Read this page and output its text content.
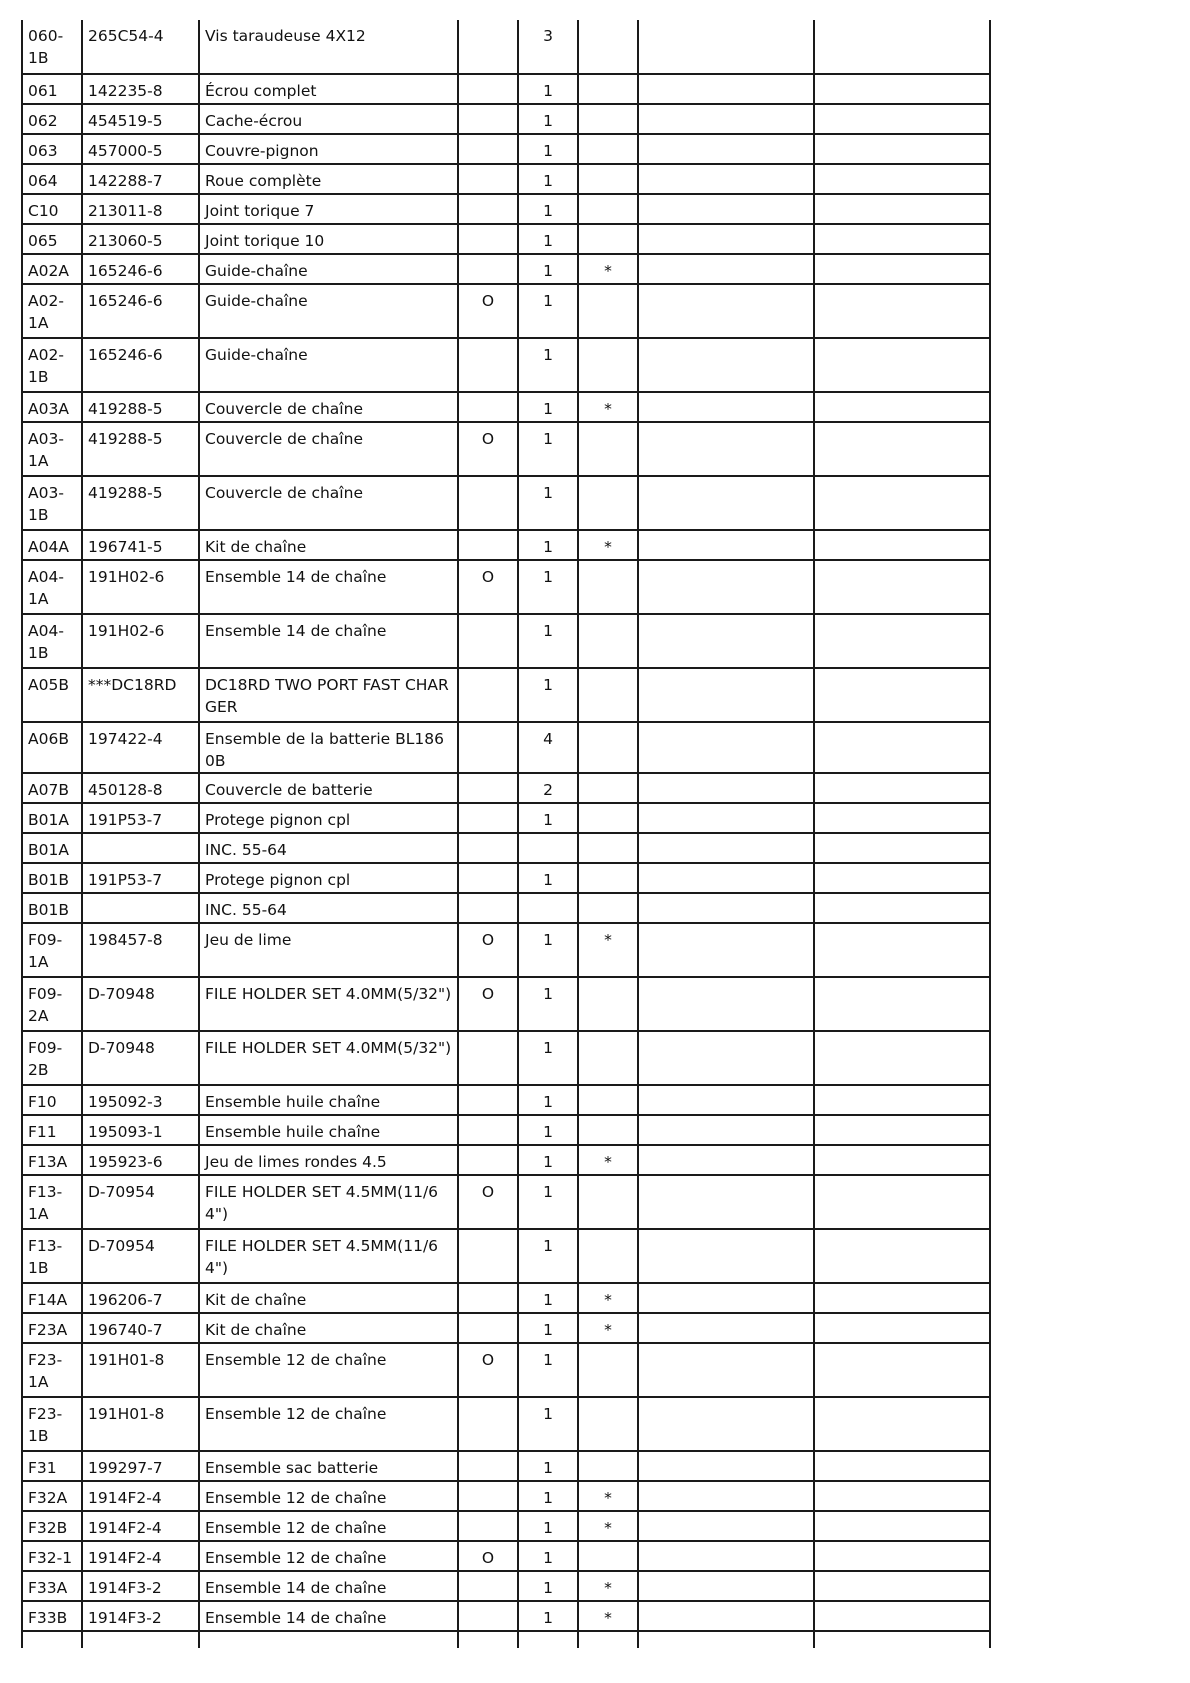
060-1B	265C54-4	Vis taraudeuse 4X12		3			
061	142235-8	Écrou complet		1			
062	454519-5	Cache-écrou		1			
063	457000-5	Couvre-pignon		1			
064	142288-7	Roue complète		1			
C10	213011-8	Joint torique 7		1			
065	213060-5	Joint torique 10		1			
A02A	165246-6	Guide-chaîne		1	*		
A02-1A	165246-6	Guide-chaîne	O	1			
A02-1B	165246-6	Guide-chaîne		1			
A03A	419288-5	Couvercle de chaîne		1	*		
A03-1A	419288-5	Couvercle de chaîne	O	1			
A03-1B	419288-5	Couvercle de chaîne		1			
A04A	196741-5	Kit de chaîne		1	*		
A04-1A	191H02-6	Ensemble 14 de chaîne	O	1			
A04-1B	191H02-6	Ensemble 14 de chaîne		1			
A05B	***DC18RD	DC18RD TWO PORT FAST CHARGER		1			
A06B	197422-4	Ensemble de la batterie BL1860B		4			
A07B	450128-8	Couvercle de batterie		2			
B01A	191P53-7	Protege pignon cpl		1			
B01A		INC. 55-64					
B01B	191P53-7	Protege pignon cpl		1			
B01B		INC. 55-64					
F09-1A	198457-8	Jeu de lime	O	1	*		
F09-2A	D-70948	FILE HOLDER SET 4.0MM(5/32")	O	1			
F09-2B	D-70948	FILE HOLDER SET 4.0MM(5/32")		1			
F10	195092-3	Ensemble huile chaîne		1			
F11	195093-1	Ensemble huile chaîne		1			
F13A	195923-6	Jeu de limes rondes 4.5		1	*		
F13-1A	D-70954	FILE HOLDER SET 4.5MM(11/64")	O	1			
F13-1B	D-70954	FILE HOLDER SET 4.5MM(11/64")		1			
F14A	196206-7	Kit de chaîne		1	*		
F23A	196740-7	Kit de chaîne		1	*		
F23-1A	191H01-8	Ensemble 12 de chaîne	O	1			
F23-1B	191H01-8	Ensemble 12 de chaîne		1			
F31	199297-7	Ensemble sac batterie		1			
F32A	1914F2-4	Ensemble 12 de chaîne		1	*		
F32B	1914F2-4	Ensemble 12 de chaîne		1	*		
F32-1	1914F2-4	Ensemble 12 de chaîne	O	1			
F33A	1914F3-2	Ensemble 14 de chaîne		1	*		
F33B	1914F3-2	Ensemble 14 de chaîne		1	*		
